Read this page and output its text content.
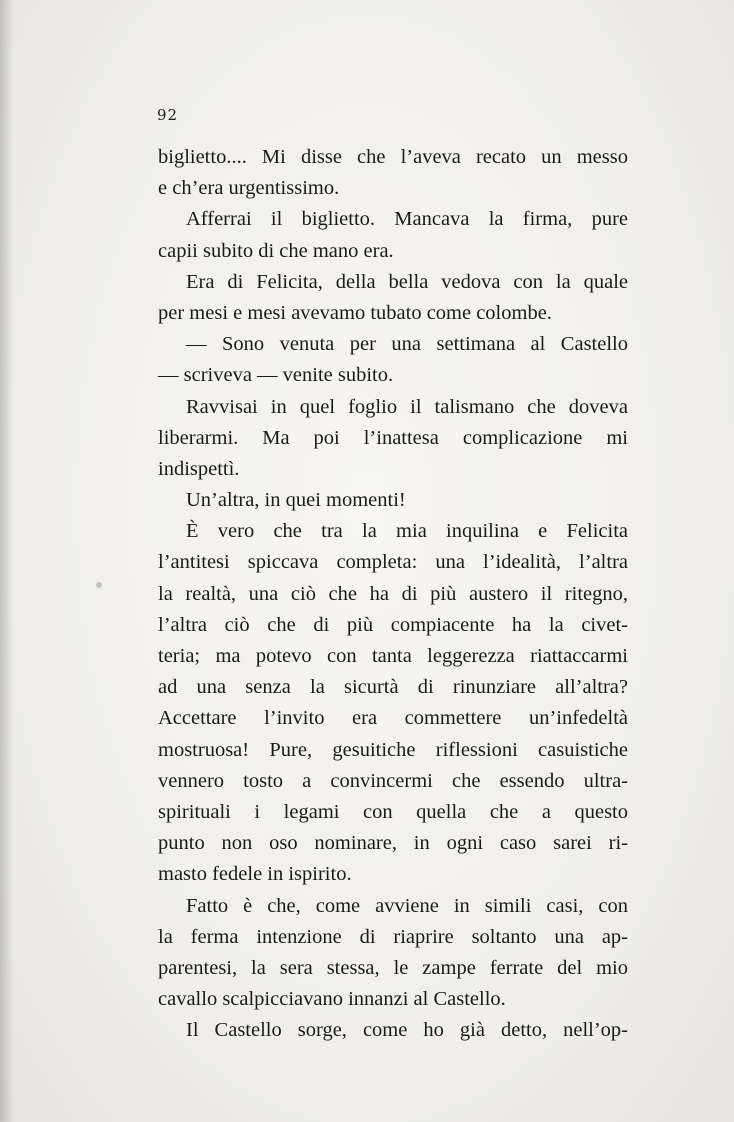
92
biglietto.... Mi disse che l’aveva recato un messo
e ch’era urgentissimo.
Afferrai il biglietto. Mancava la firma, pure
capii subito di che mano era.
Era di Felicita, della bella vedova con la quale
per mesi e mesi avevamo tubato come colombe.
— Sono venuta per una settimana al Castello
— scriveva — venite subito.
Ravvisai in quel foglio il talismano che doveva
liberarmi. Ma poi l’inattesa complicazione mi
indispettì.
Un’altra, in quei momenti!
È vero che tra la mia inquilina e Felicita
l’antitesi spiccava completa: una l’idealità, l’altra
la realtà, una ciò che ha di più austero il ritegno,
l’altra ciò che di più compiacente ha la civet-
teria; ma potevo con tanta leggerezza riattaccarmi
ad una senza la sicurtà di rinunziare all’altra?
Accettare l’invito era commettere un’infedeltà
mostruosa! Pure, gesuitiche riflessioni casuistiche
vennero tosto a convincermi che essendo ultra-
spirituali i legami con quella che a questo
punto non oso nominare, in ogni caso sarei ri-
masto fedele in ispirito.
Fatto è che, come avviene in simili casi, con
la ferma intenzione di riaprire soltanto una ap-
parentesi, la sera stessa, le zampe ferrate del mio
cavallo scalpicciavano innanzi al Castello.
Il Castello sorge, come ho già detto, nell’op-
